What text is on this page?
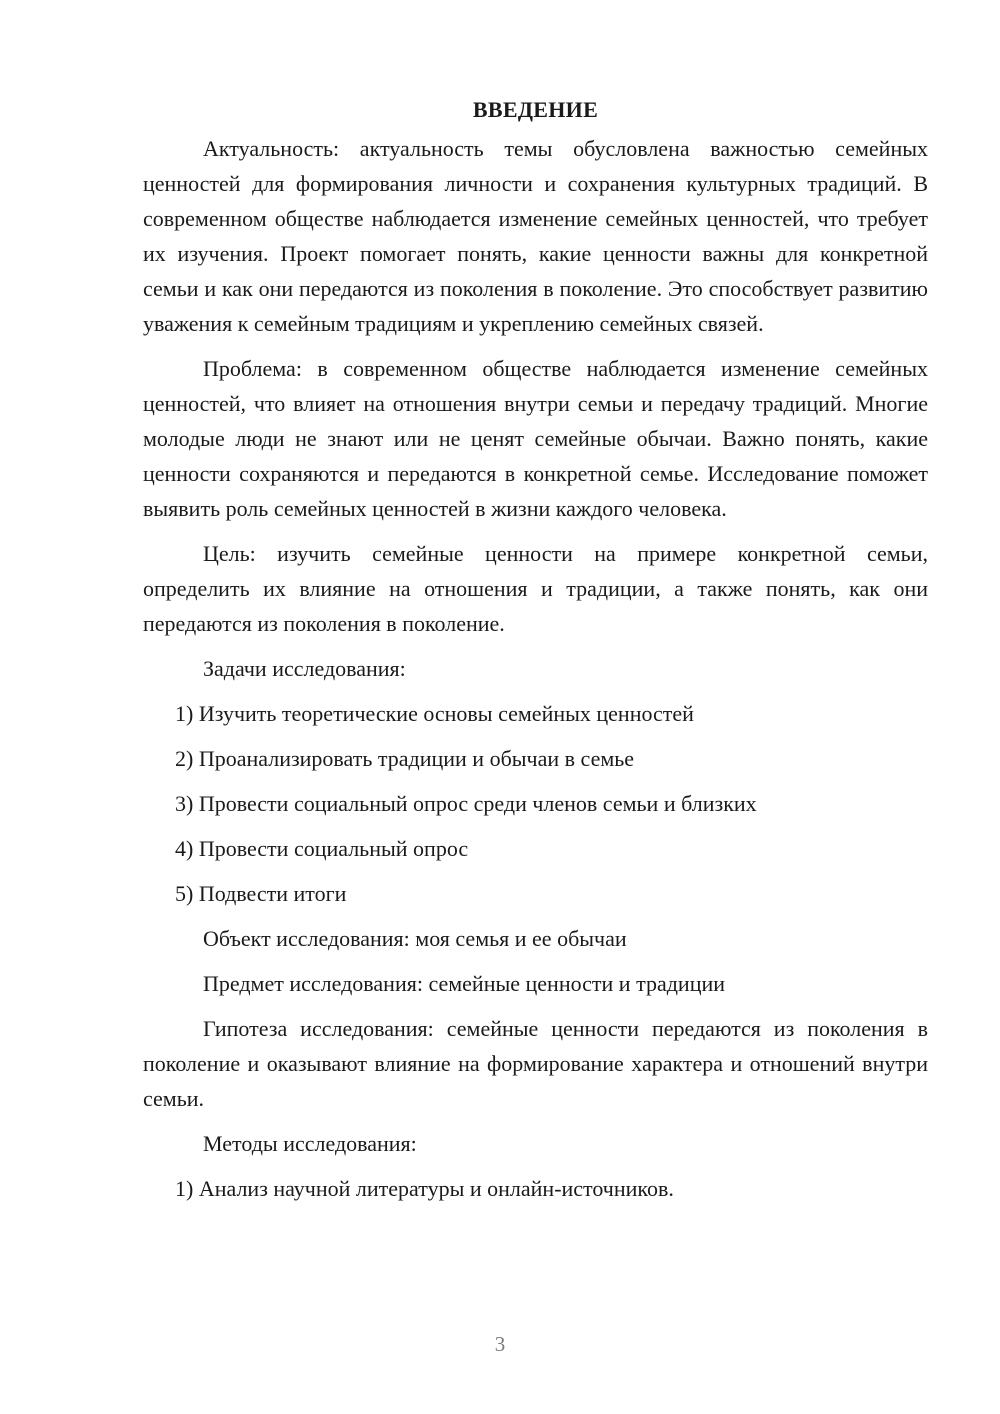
ВВЕДЕНИЕ

Актуальность: актуальность темы обусловлена важностью семейных ценностей для формирования личности и сохранения культурных традиций. В современном обществе наблюдается изменение семейных ценностей, что требует их изучения. Проект помогает понять, какие ценности важны для конкретной семьи и как они передаются из поколения в поколение. Это способствует развитию уважения к семейным традициям и укреплению семейных связей.

Проблема: в современном обществе наблюдается изменение семейных ценностей, что влияет на отношения внутри семьи и передачу традиций. Многие молодые люди не знают или не ценят семейные обычаи. Важно понять, какие ценности сохраняются и передаются в конкретной семье. Исследование поможет выявить роль семейных ценностей в жизни каждого человека.

Цель: изучить семейные ценности на примере конкретной семьи, определить их влияние на отношения и традиции, а также понять, как они передаются из поколения в поколение.

Задачи исследования:
1) Изучить теоретические основы семейных ценностей
2) Проанализировать традиции и обычаи в семье
3) Провести социальный опрос среди членов семьи и близких
4) Провести социальный опрос
5) Подвести итоги
Объект исследования: моя семья и ее обычаи
Предмет исследования: семейные ценности и традиции

Гипотеза исследования: семейные ценности передаются из поколения в поколение и оказывают влияние на формирование характера и отношений внутри семьи.

Методы исследования:
1) Анализ научной литературы и онлайн-источников.
3
